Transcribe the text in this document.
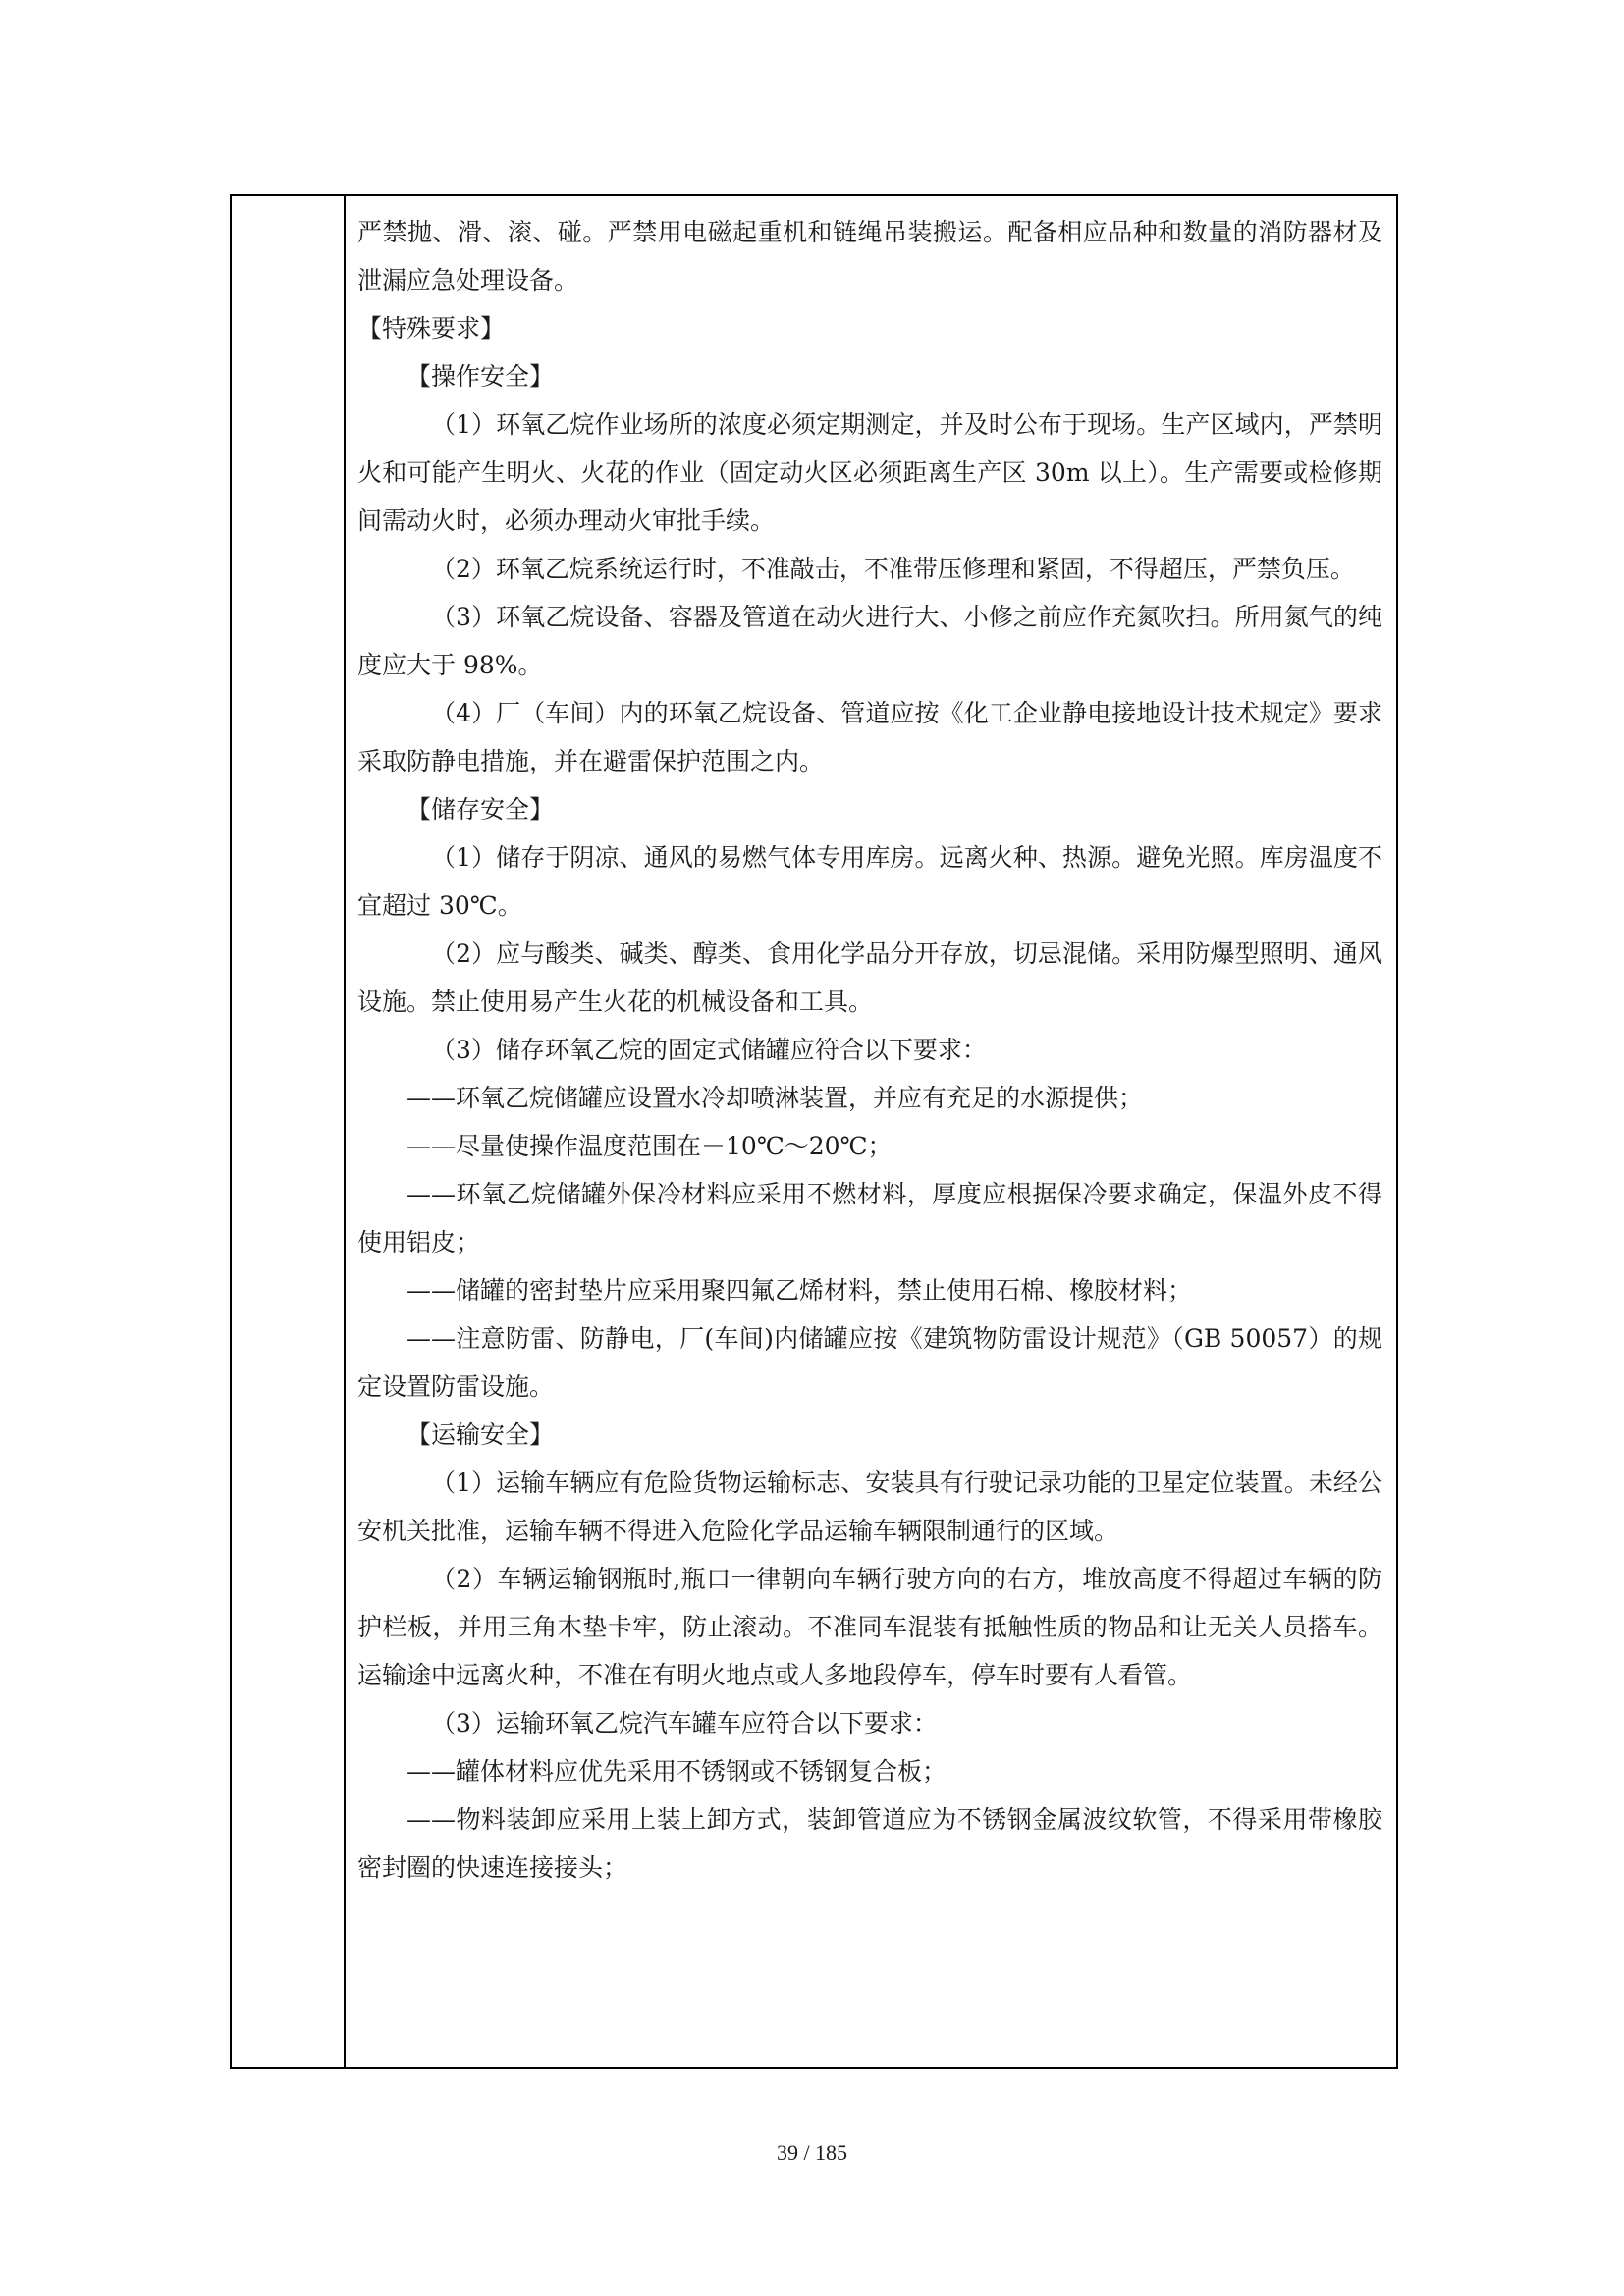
严禁抛、滑、滚、碰。严禁用电磁起重机和链绳吊装搬运。配备相应品种和数量的消防器材及泄漏应急处理设备。

【特殊要求】

【操作安全】

（1）环氧乙烷作业场所的浓度必须定期测定，并及时公布于现场。生产区域内，严禁明火和可能产生明火、火花的作业（固定动火区必须距离生产区 30m 以上）。生产需要或检修期间需动火时，必须办理动火审批手续。

（2）环氧乙烷系统运行时，不准敲击，不准带压修理和紧固，不得超压，严禁负压。

（3）环氧乙烷设备、容器及管道在动火进行大、小修之前应作充氮吹扫。所用氮气的纯度应大于 98%。

（4）厂（车间）内的环氧乙烷设备、管道应按《化工企业静电接地设计技术规定》要求采取防静电措施，并在避雷保护范围之内。

【储存安全】

（1）储存于阴凉、通风的易燃气体专用库房。远离火种、热源。避免光照。库房温度不宜超过 30℃。

（2）应与酸类、碱类、醇类、食用化学品分开存放，切忌混储。采用防爆型照明、通风设施。禁止使用易产生火花的机械设备和工具。

（3）储存环氧乙烷的固定式储罐应符合以下要求：

——环氧乙烷储罐应设置水冷却喷淋装置，并应有充足的水源提供；

——尽量使操作温度范围在－10℃～20℃；

——环氧乙烷储罐外保冷材料应采用不燃材料，厚度应根据保冷要求确定，保温外皮不得使用铝皮；

——储罐的密封垫片应采用聚四氟乙烯材料，禁止使用石棉、橡胶材料；

——注意防雷、防静电，厂(车间)内储罐应按《建筑物防雷设计规范》（GB 50057）的规定设置防雷设施。

【运输安全】

（1）运输车辆应有危险货物运输标志、安装具有行驶记录功能的卫星定位装置。未经公安机关批准，运输车辆不得进入危险化学品运输车辆限制通行的区域。

（2）车辆运输钢瓶时,瓶口一律朝向车辆行驶方向的右方，堆放高度不得超过车辆的防护栏板，并用三角木垫卡牢，防止滚动。不准同车混装有抵触性质的物品和让无关人员搭车。运输途中远离火种，不准在有明火地点或人多地段停车，停车时要有人看管。

（3）运输环氧乙烷汽车罐车应符合以下要求：

——罐体材料应优先采用不锈钢或不锈钢复合板；

——物料装卸应采用上装上卸方式，装卸管道应为不锈钢金属波纹软管，不得采用带橡胶密封圈的快速连接接头；

39 / 185
